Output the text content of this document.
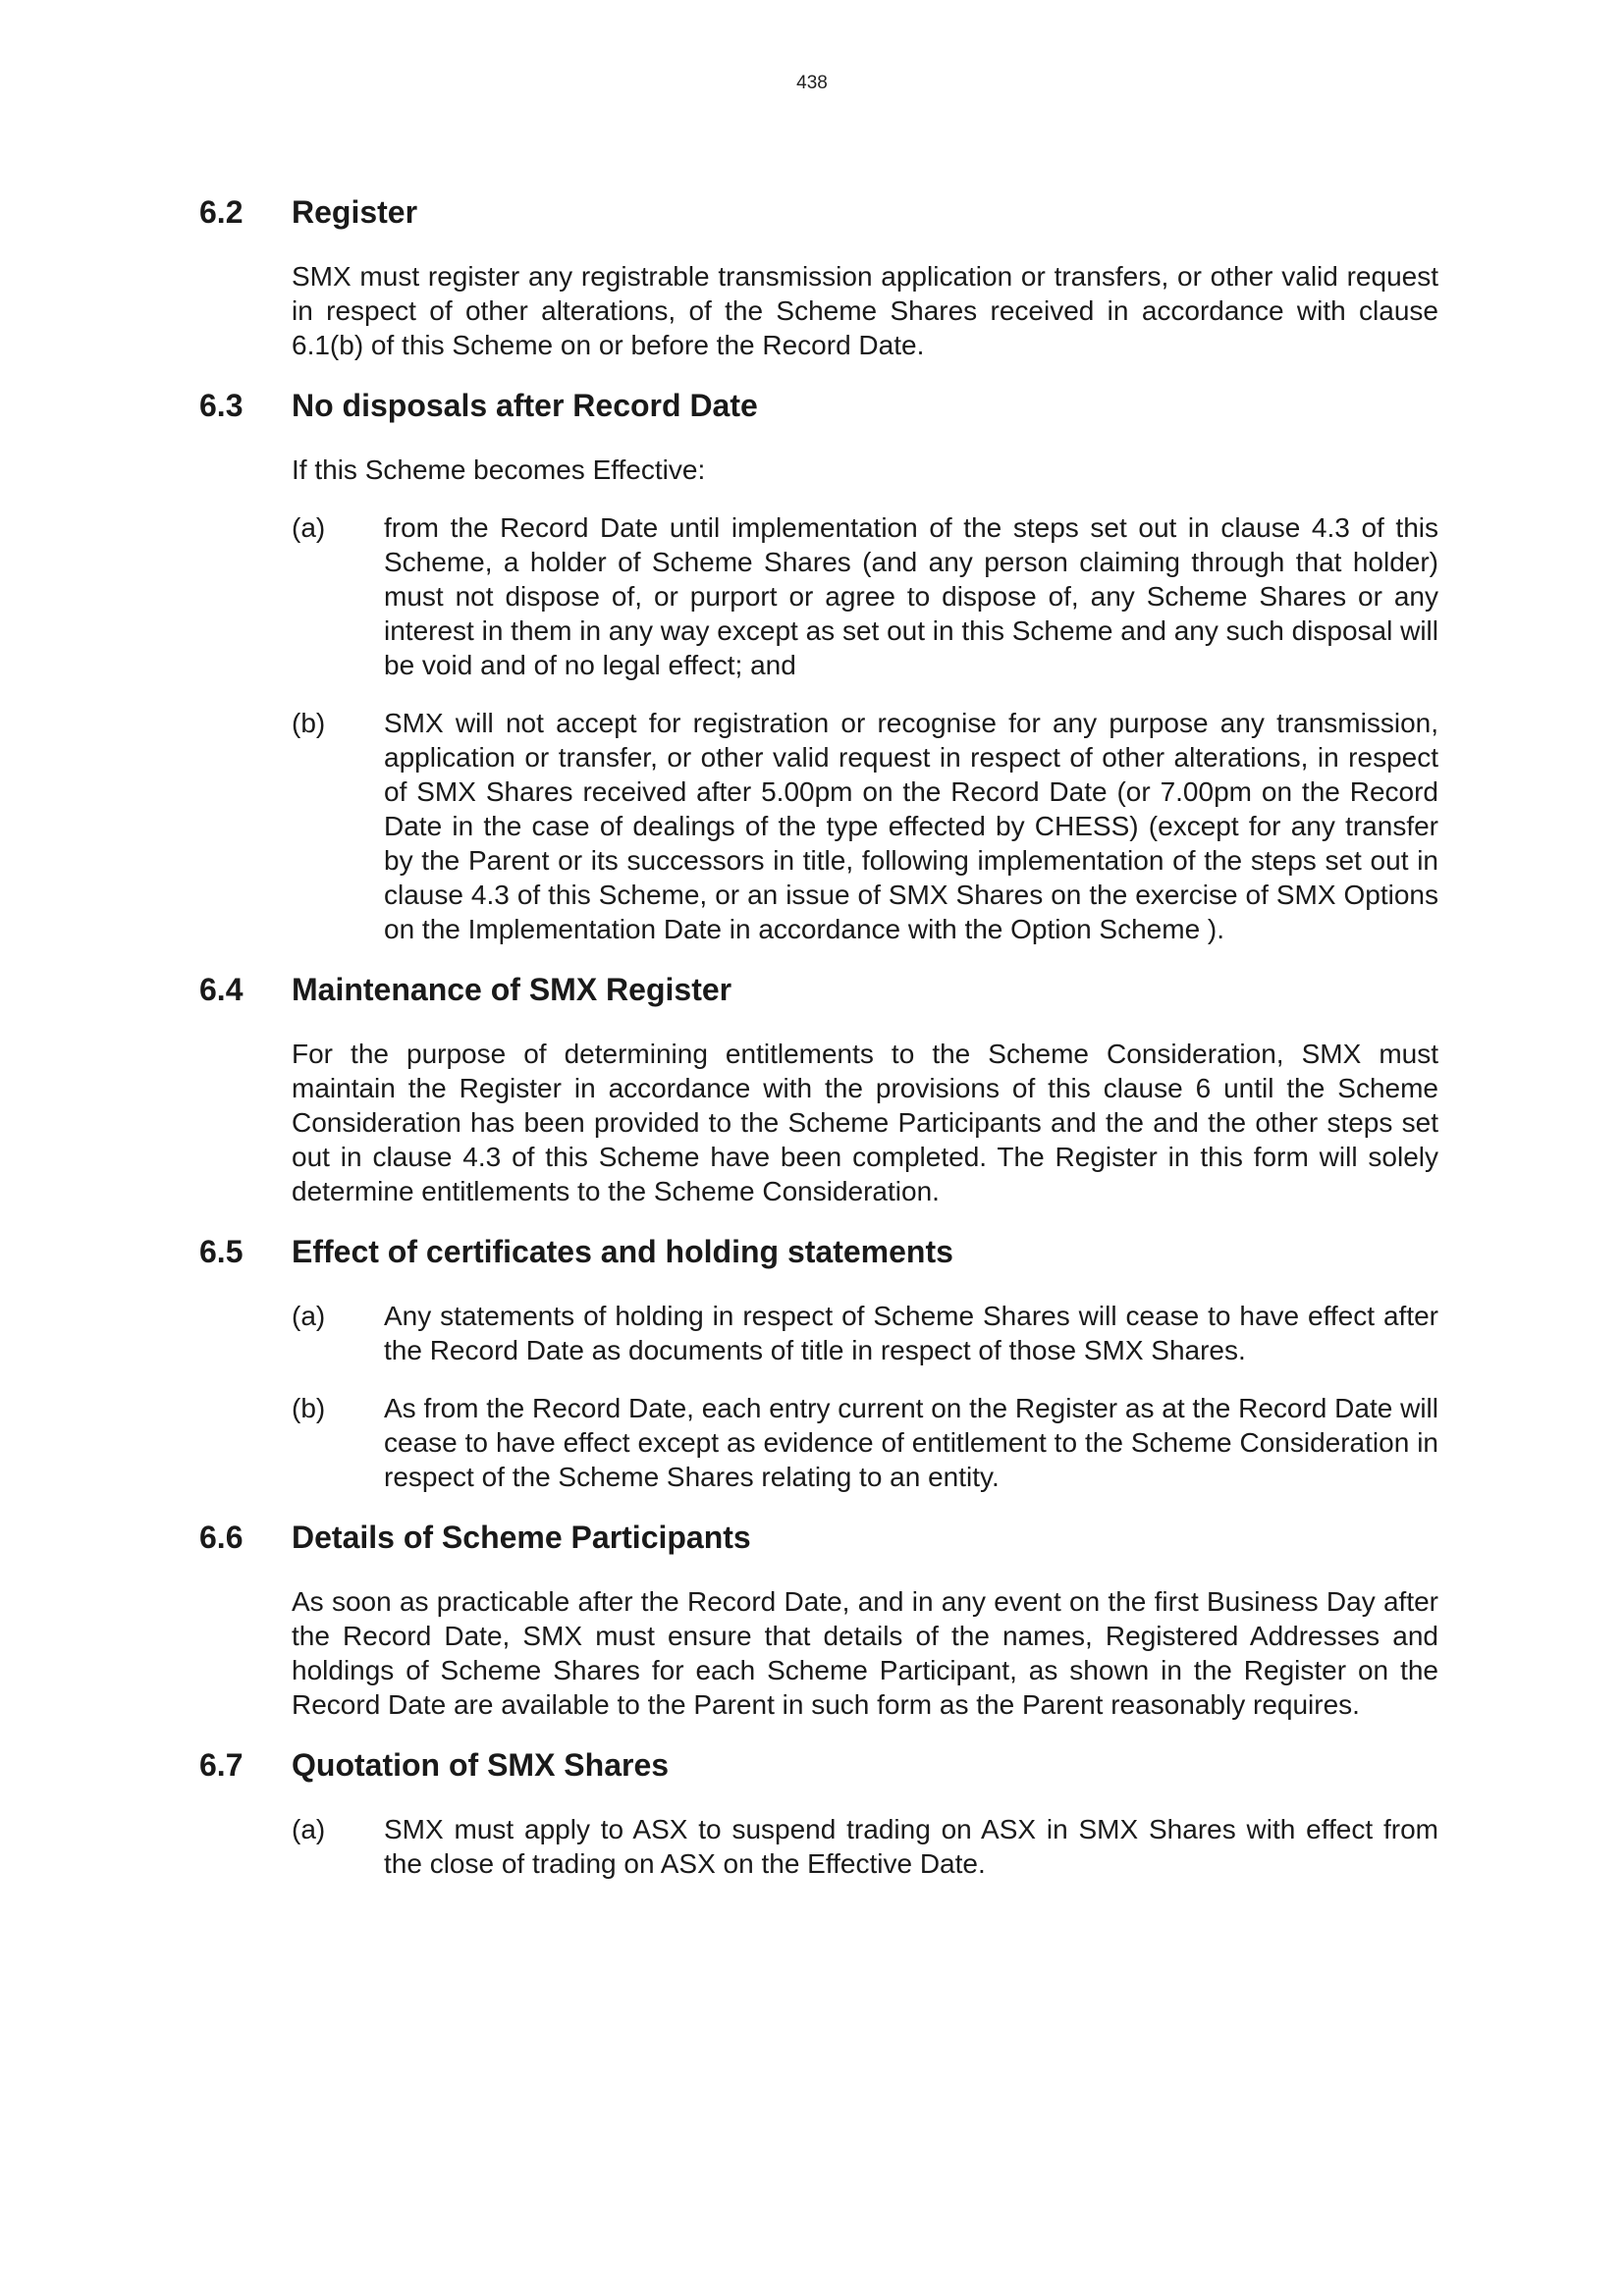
438
6.2	Register
SMX must register any registrable transmission application or transfers, or other valid request in respect of other alterations, of the Scheme Shares received in accordance with clause 6.1(b) of this Scheme on or before the Record Date.
6.3	No disposals after Record Date
If this Scheme becomes Effective:
(a)	from the Record Date until implementation of the steps set out in clause 4.3 of this Scheme, a holder of Scheme Shares (and any person claiming through that holder) must not dispose of, or purport or agree to dispose of, any Scheme Shares or any interest in them in any way except as set out in this Scheme and any such disposal will be void and of no legal effect; and
(b)	SMX will not accept for registration or recognise for any purpose any transmission, application or transfer, or other valid request in respect of other alterations, in respect of SMX Shares received after 5.00pm on the Record Date (or 7.00pm on the Record Date in the case of dealings of the type effected by CHESS) (except for any transfer by the Parent or its successors in title, following implementation of the steps set out in clause 4.3 of this Scheme, or an issue of SMX Shares on the exercise of SMX Options on the Implementation Date in accordance with the Option Scheme ).
6.4	Maintenance of SMX Register
For the purpose of determining entitlements to the Scheme Consideration, SMX must maintain the Register in accordance with the provisions of this clause 6 until the Scheme Consideration has been provided to the Scheme Participants and the and the other steps set out in clause 4.3 of this Scheme have been completed. The Register in this form will solely determine entitlements to the Scheme Consideration.
6.5	Effect of certificates and holding statements
(a)	Any statements of holding in respect of Scheme Shares will cease to have effect after the Record Date as documents of title in respect of those SMX Shares.
(b)	As from the Record Date, each entry current on the Register as at the Record Date will cease to have effect except as evidence of entitlement to the Scheme Consideration in respect of the Scheme Shares relating to an entity.
6.6	Details of Scheme Participants
As soon as practicable after the Record Date, and in any event on the first Business Day after the Record Date, SMX must ensure that details of the names, Registered Addresses and holdings of Scheme Shares for each Scheme Participant, as shown in the Register on the Record Date are available to the Parent in such form as the Parent reasonably requires.
6.7	Quotation of SMX Shares
(a)	SMX must apply to ASX to suspend trading on ASX in SMX Shares with effect from the close of trading on ASX on the Effective Date.
